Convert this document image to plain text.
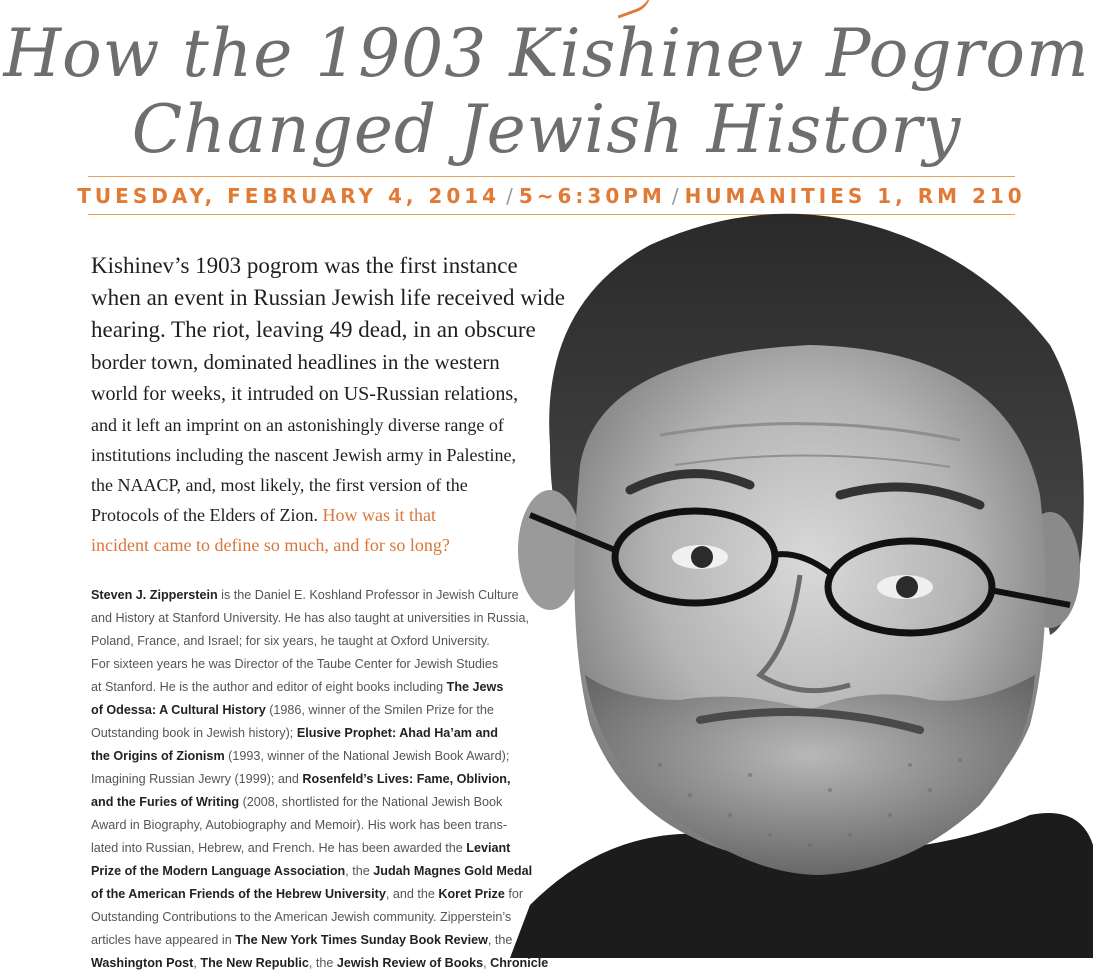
How the 1903 Kishinev Pogrom
Changed Jewish History
TUESDAY, FEBRUARY 4, 2014 / 5~6:30PM / HUMANITIES 1, RM 210

Kishinev’s 1903 pogrom was the first instance

when an event in Russian Jewish life received wide

hearing. The riot, leaving 49 dead, in an obscure

border town, dominated headlines in the western

world for weeks, it intruded on US-Russian relations,

and it left an imprint on an astonishingly diverse range of

institutions including the nascent Jewish army in Palestine,

the NAACP, and, most likely, the first version of the

Protocols of the Elders of Zion. How was it that

incident came to define so much, and for so long?

Steven J. Zipperstein is the Daniel E. Koshland Professor in Jewish Culture
and History at Stanford University. He has also taught at universities in Russia,
Poland, France, and Israel; for six years, he taught at Oxford University.
For sixteen years he was Director of the Taube Center for Jewish Studies
at Stanford. He is the author and editor of eight books including The Jews
of Odessa: A Cultural History (1986, winner of the Smilen Prize for the
Outstanding book in Jewish history); Elusive Prophet: Ahad Ha’am and
the Origins of Zionism (1993, winner of the National Jewish Book Award);
Imagining Russian Jewry (1999); and Rosenfeld’s Lives: Fame, Oblivion,
and the Furies of Writing (2008, shortlisted for the National Jewish Book
Award in Biography, Autobiography and Memoir). His work has been trans-
lated into Russian, Hebrew, and French. He has been awarded the Leviant
Prize of the Modern Language Association, the Judah Magnes Gold Medal
of the American Friends of the Hebrew University, and the Koret Prize for
Outstanding Contributions to the American Jewish community. Zipperstein’s
articles have appeared in The New York Times Sunday Book Review, the
Washington Post, The New Republic, the Jewish Review of Books, Chronicle
